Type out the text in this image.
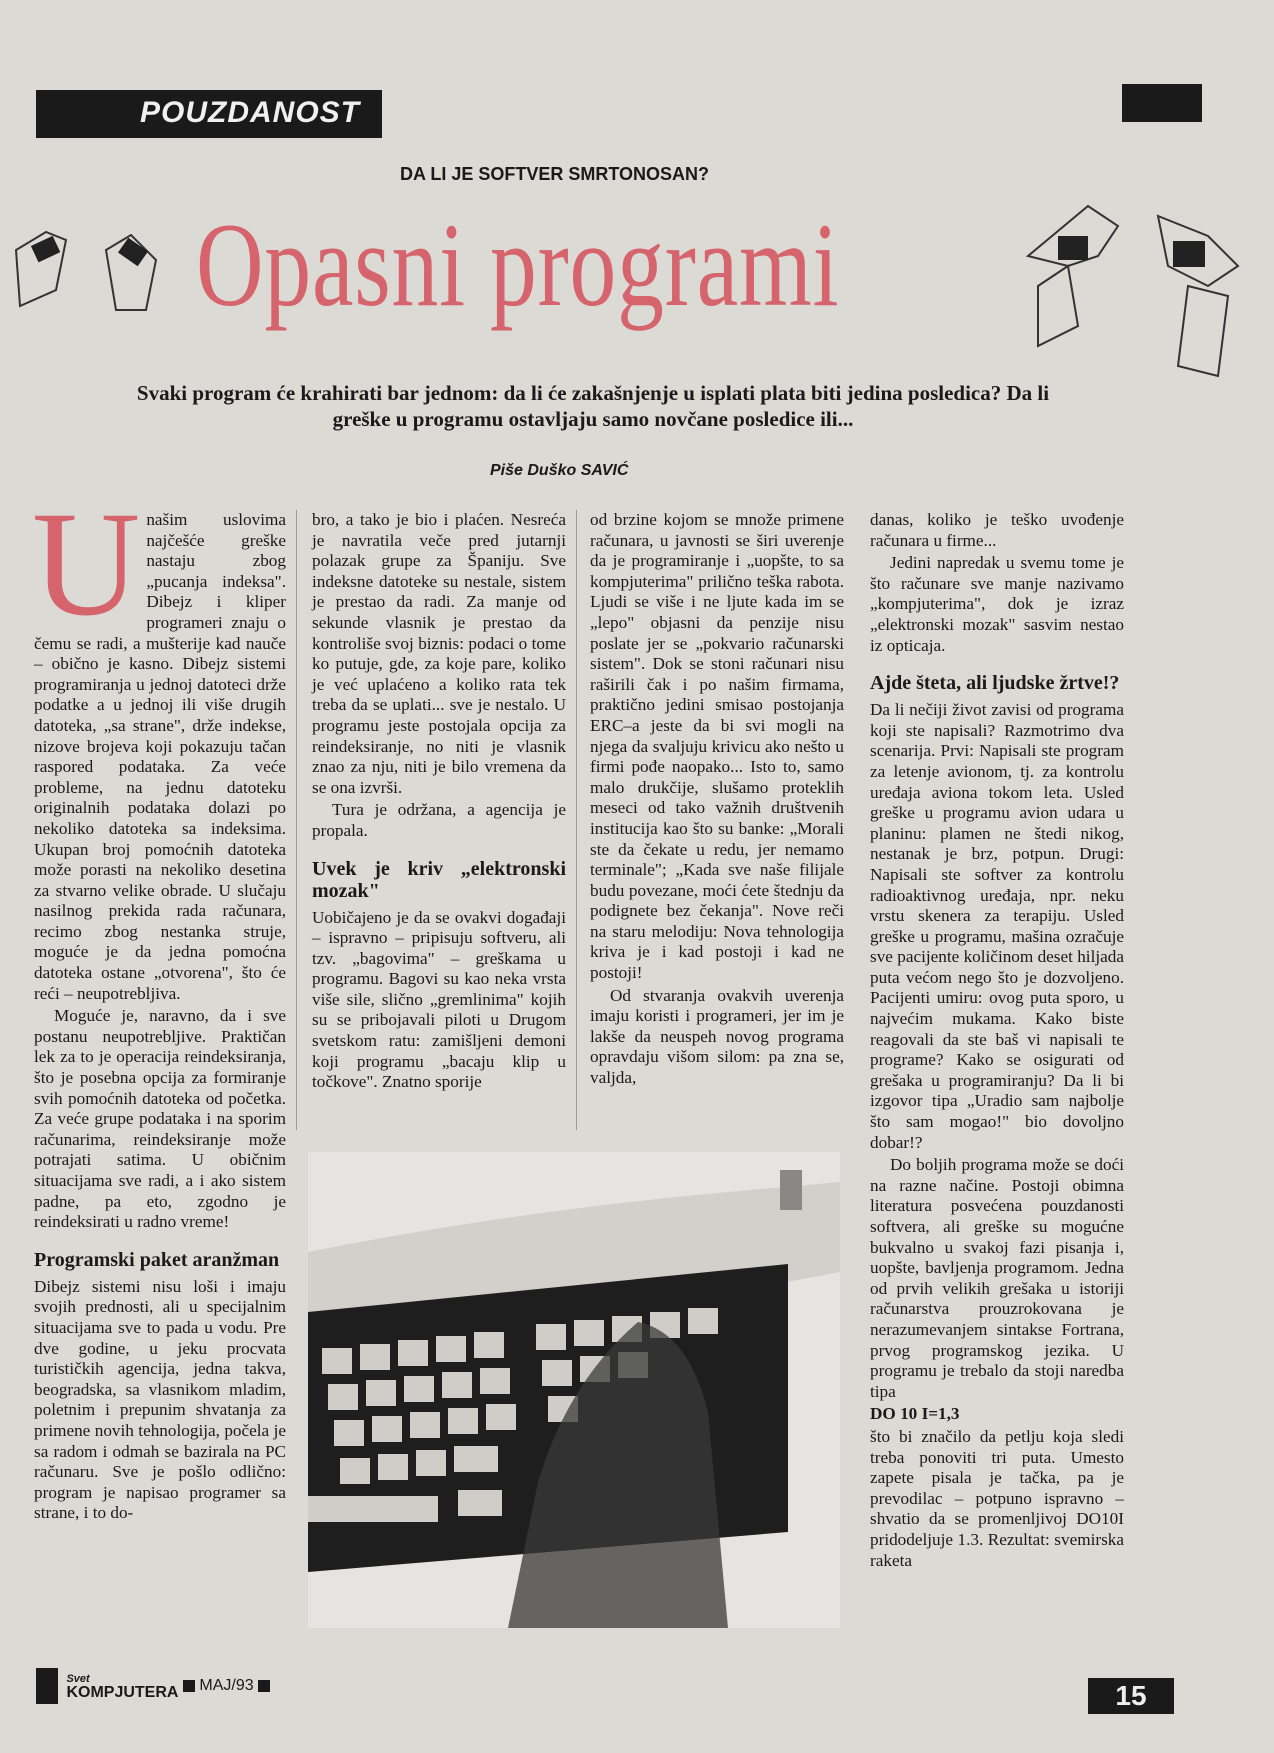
POUZDANOST
DA LI JE SOFTVER SMRTONOSAN?
Opasni programi
Svaki program će krahirati bar jednom: da li će zakašnjenje u isplati plata biti jedina posledica? Da li greške u programu ostavljaju samo novčane posledice ili...
Piše Duško SAVIĆ

Unašim uslovima najčešće greške nastaju zbog „pucanja indeksa". Dibejz i kliper programeri znaju o čemu se radi, a mušterije kad nauče – obično je kasno. Dibejz sistemi programiranja u jednoj datoteci drže podatke a u jednoj ili više drugih datoteka, „sa strane", drže indekse, nizove brojeva koji pokazuju tačan raspored podataka. Za veće probleme, na jednu datoteku originalnih podataka dolazi po nekoliko datoteka sa indeksima. Ukupan broj pomoćnih datoteka može porasti na nekoliko desetina za stvarno velike obrade. U slučaju nasilnog prekida rada računara, recimo zbog nestanka struje, moguće je da jedna pomoćna datoteka ostane „otvorena", što će reći – neupotrebljiva.

Moguće je, naravno, da i sve postanu neupotrebljive. Praktičan lek za to je operacija reindeksiranja, što je posebna opcija za formiranje svih pomoćnih datoteka od početka. Za veće grupe podataka i na sporim računarima, reindeksiranje može potrajati satima. U običnim situacijama sve radi, a i ako sistem padne, pa eto, zgodno je reindeksirati u radno vreme!

Programski paket aranžman

Dibejz sistemi nisu loši i imaju svojih prednosti, ali u specijalnim situacijama sve to pada u vodu. Pre dve godine, u jeku procvata turističkih agencija, jedna takva, beogradska, sa vlasnikom mladim, poletnim i prepunim shvatanja za primene novih tehnologija, počela je sa radom i odmah se bazirala na PC računaru. Sve je pošlo odlično: program je napisao programer sa strane, i to do-

bro, a tako je bio i plaćen. Nesreća je navratila veče pred jutarnji polazak grupe za Španiju. Sve indeksne datoteke su nestale, sistem je prestao da radi. Za manje od sekunde vlasnik je prestao da kontroliše svoj biznis: podaci o tome ko putuje, gde, za koje pare, koliko je već uplaćeno a koliko rata tek treba da se uplati... sve je nestalo. U programu jeste postojala opcija za reindeksiranje, no niti je vlasnik znao za nju, niti je bilo vremena da se ona izvrši.

Tura je održana, a agencija je propala.

Uvek je kriv „elektronski mozak"

Uobičajeno je da se ovakvi događaji – ispravno – pripisuju softveru, ali tzv. „bagovima" – greškama u programu. Bagovi su kao neka vrsta više sile, slično „gremlinima" kojih su se pribojavali piloti u Drugom svetskom ratu: zamišljeni demoni koji programu „bacaju klip u točkove". Znatno sporije

od brzine kojom se množe primene računara, u javnosti se širi uverenje da je programiranje i „uopšte, to sa kompjuterima" prilično teška rabota. Ljudi se više i ne ljute kada im se „lepo" objasni da penzije nisu poslate jer se „pokvario računarski sistem". Dok se stoni računari nisu raširili čak i po našim firmama, praktično jedini smisao postojanja ERC–a jeste da bi svi mogli na njega da svaljuju krivicu ako nešto u firmi pođe naopako... Isto to, samo malo drukčije, slušamo proteklih meseci od tako važnih društvenih institucija kao što su banke: „Morali ste da čekate u redu, jer nemamo terminale"; „Kada sve naše filijale budu povezane, moći ćete štednju da podignete bez čekanja". Nove reči na staru melodiju: Nova tehnologija kriva je i kad postoji i kad ne postoji!

Od stvaranja ovakvih uverenja imaju koristi i programeri, jer im je lakše da neuspeh novog programa opravdaju višom silom: pa zna se, valjda,

danas, koliko je teško uvođenje računara u firme...

Jedini napredak u svemu tome je što računare sve manje nazivamo „kompjuterima", dok je izraz „elektronski mozak" sasvim nestao iz opticaja.

Ajde šteta, ali ljudske žrtve!?

Da li nečiji život zavisi od programa koji ste napisali? Razmotrimo dva scenarija. Prvi: Napisali ste program za letenje avionom, tj. za kontrolu uređaja aviona tokom leta. Usled greške u programu avion udara u planinu: plamen ne štedi nikog, nestanak je brz, potpun. Drugi: Napisali ste softver za kontrolu radioaktivnog uređaja, npr. neku vrstu skenera za terapiju. Usled greške u programu, mašina ozračuje sve pacijente količinom deset hiljada puta većom nego što je dozvoljeno. Pacijenti umiru: ovog puta sporo, u najvećim mukama. Kako biste reagovali da ste baš vi napisali te programe? Kako se osigurati od grešaka u programiranju? Da li bi izgovor tipa „Uradio sam najbolje što sam mogao!" bio dovoljno dobar!?

Do boljih programa može se doći na razne načine. Postoji obimna literatura posvećena pouzdanosti softvera, ali greške su mogućne bukvalno u svakoj fazi pisanja i, uopšte, bavljenja programom. Jedna od prvih velikih grešaka u istoriji računarstva prouzrokovana je nerazumevanjem sintakse Fortrana, prvog programskog jezika. U programu je trebalo da stoji naredba tipa

DO 10 I=1,3

što bi značilo da petlju koja sledi treba ponoviti tri puta. Umesto zapete pisala je tačka, pa je prevodilac – potpuno ispravno – shvatio da se promenljivoj DO10I pridodeljuje 1.3. Rezultat: svemirska raketa

Svet
KOMPJUTERA MAJ/93	15
